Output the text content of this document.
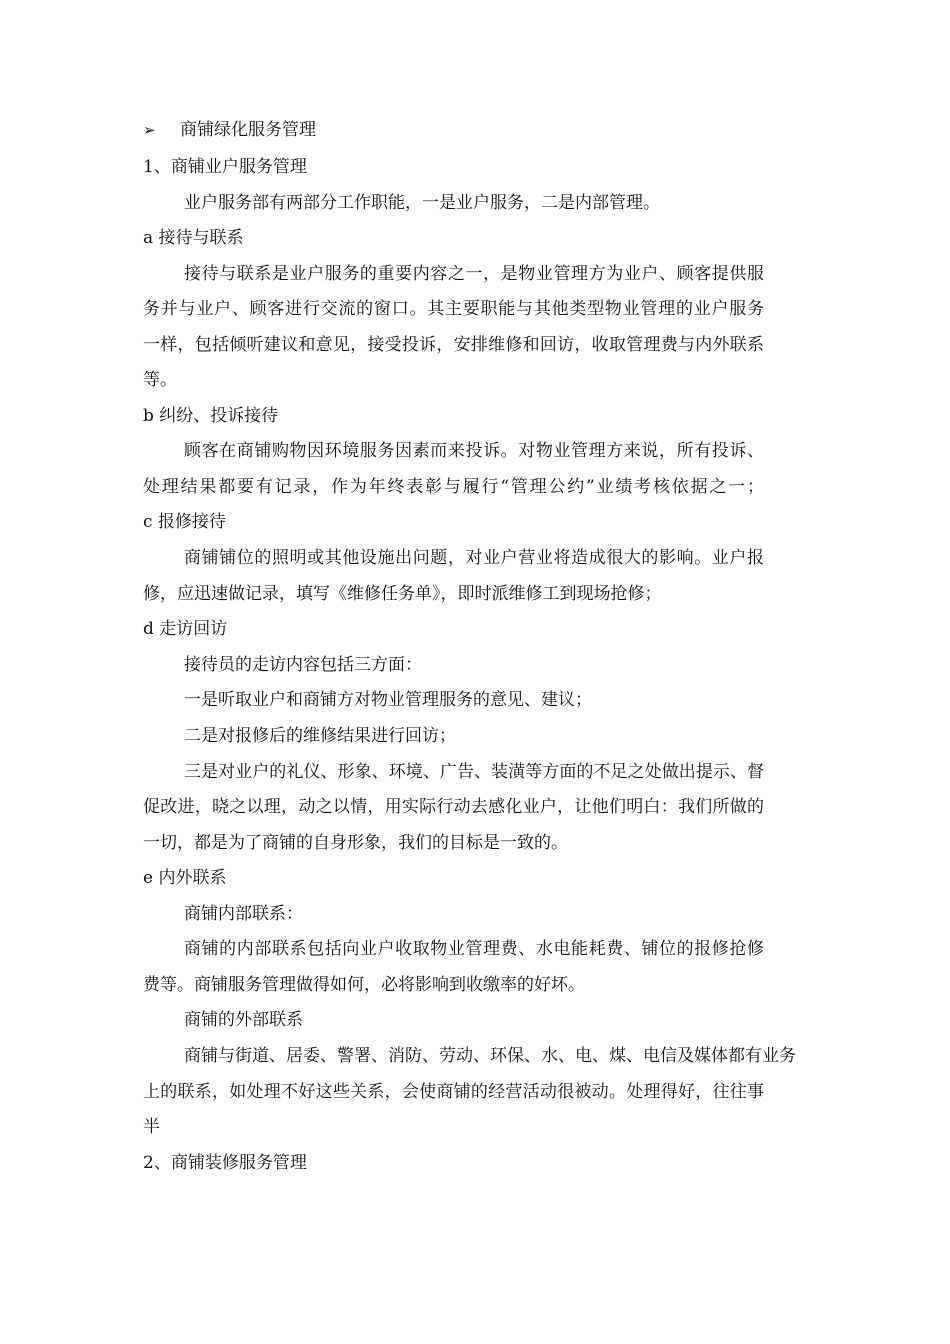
➢ 商铺绿化服务管理
1、商铺业户服务管理
业户服务部有两部分工作职能，一是业户服务，二是内部管理。
a 接待与联系
接待与联系是业户服务的重要内容之一，是物业管理方为业户、顾客提供服
务并与业户、顾客进行交流的窗口。其主要职能与其他类型物业管理的业户服务
一样，包括倾听建议和意见，接受投诉，安排维修和回访，收取管理费与内外联系
等。
b 纠纷、投诉接待
顾客在商铺购物因环境服务因素而来投诉。对物业管理方来说，所有投诉、
处理结果都要有记录，作为年终表彰与履行“管理公约”业绩考核依据之一；
c 报修接待
商铺铺位的照明或其他设施出问题，对业户营业将造成很大的影响。业户报
修，应迅速做记录，填写《维修任务单》，即时派维修工到现场抢修；
d 走访回访
接待员的走访内容包括三方面：
一是听取业户和商铺方对物业管理服务的意见、建议；
二是对报修后的维修结果进行回访；
三是对业户的礼仪、形象、环境、广告、装潢等方面的不足之处做出提示、督
促改进，晓之以理，动之以情，用实际行动去感化业户，让他们明白：我们所做的
一切，都是为了商铺的自身形象，我们的目标是一致的。
e 内外联系
商铺内部联系：
商铺的内部联系包括向业户收取物业管理费、水电能耗费、铺位的报修抢修
费等。商铺服务管理做得如何，必将影响到收缴率的好坏。
商铺的外部联系
商铺与街道、居委、警署、消防、劳动、环保、水、电、煤、电信及媒体都有业务
上的联系，如处理不好这些关系，会使商铺的经营活动很被动。处理得好，往往事
半
2、商铺装修服务管理
